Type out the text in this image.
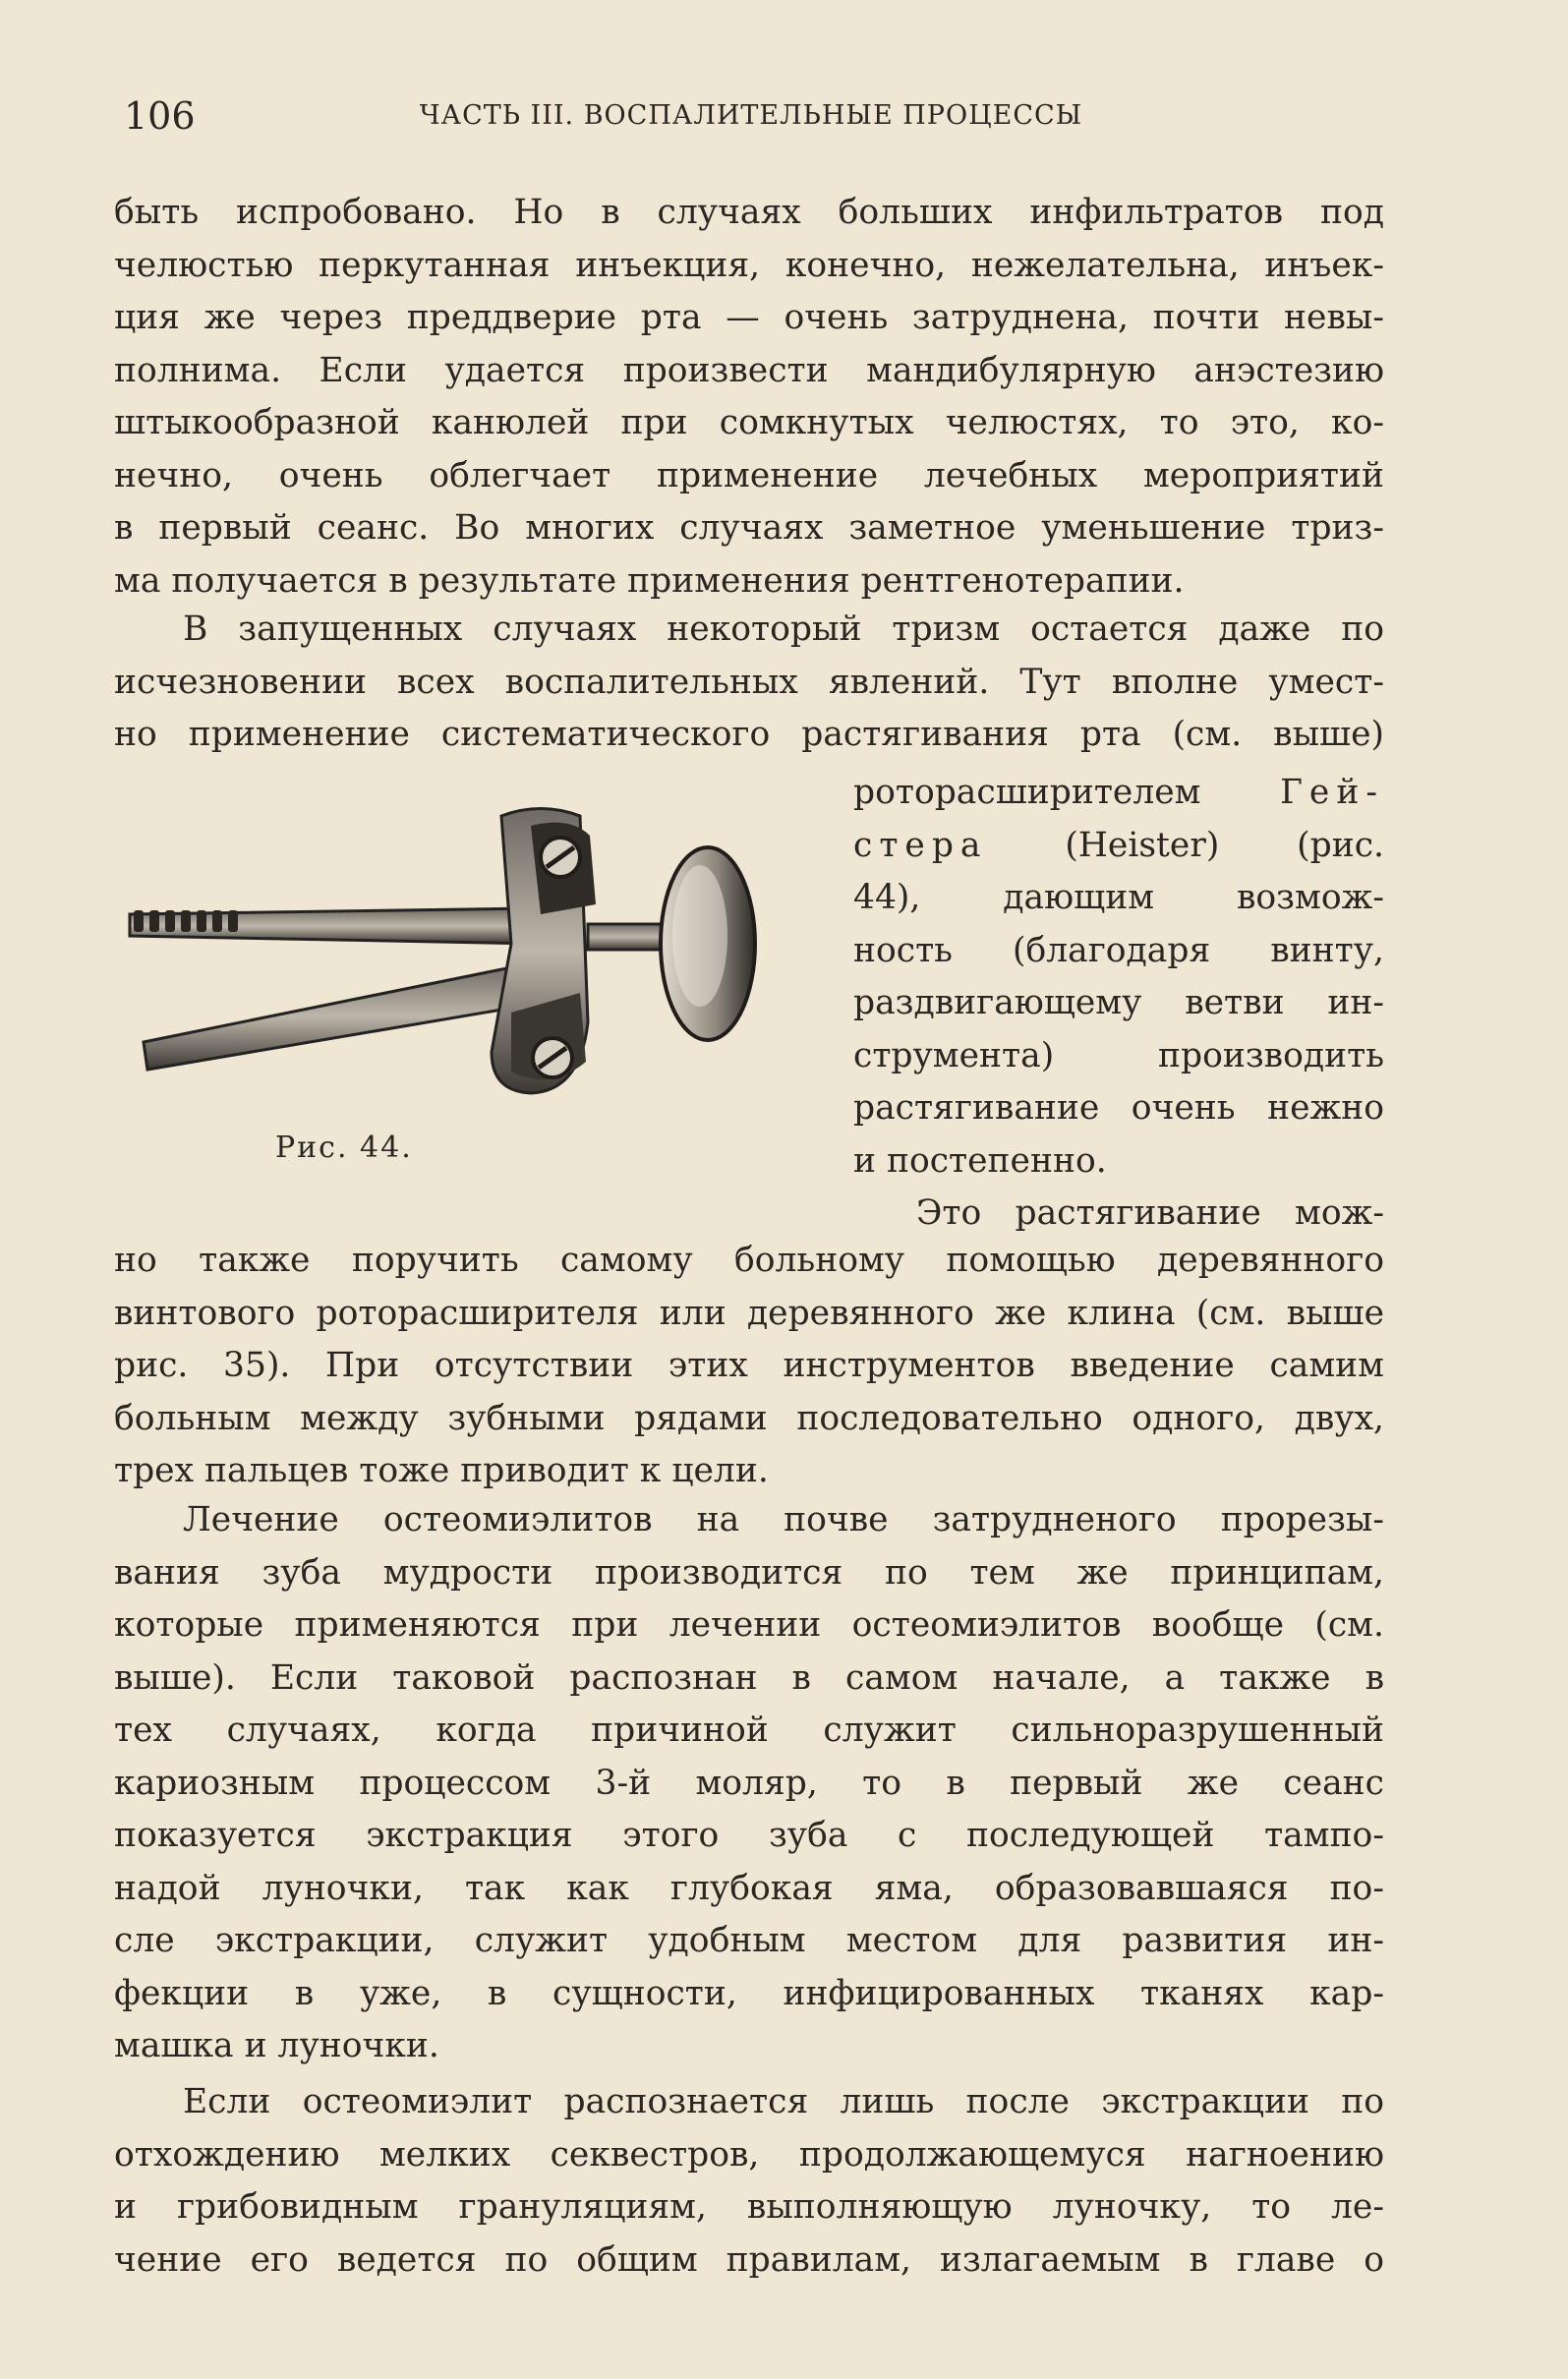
106	ЧАСТЬ III. ВОСПАЛИТЕЛЬНЫЕ ПРОЦЕССЫ
быть испробовано. Но в случаях больших инфильтратов под
челюстью перкутанная инъекция, конечно, нежелательна, инъек-
ция же через преддверие рта — очень затруднена, почти невы-
полнима. Если удается произвести мандибулярную анэстезию
штыкообразной канюлей при сомкнутых челюстях, то это, ко-
нечно, очень облегчает применение лечебных мероприятий
в первый сеанс. Во многих случаях заметное уменьшение триз-
ма получается в результате применения рентгенотерапии.
В запущенных случаях некоторый тризм остается даже по
исчезновении всех воспалительных явлений. Тут вполне умест-
но применение систематического растягивания рта (см. выше)
Рис. 44.
роторасширителем Гей-
стера (Heister) (рис.
44), дающим возмож-
ность (благодаря винту,
раздвигающему ветви ин-
струмента) производить
растягивание очень нежно
и постепенно.
Это растягивание мож-
но также поручить самому больному помощью деревянного
винтового роторасширителя или деревянного же клина (см. выше
рис. 35). При отсутствии этих инструментов введение самим
больным между зубными рядами последовательно одного, двух,
трех пальцев тоже приводит к цели.
Лечение остеомиэлитов на почве затрудненого прорезы-
вания зуба мудрости производится по тем же принципам,
которые применяются при лечении остеомиэлитов вообще (см.
выше). Если таковой распознан в самом начале, а также в
тех случаях, когда причиной служит сильноразрушенный
кариозным процессом 3-й моляр, то в первый же сеанс
показуется экстракция этого зуба с последующей тампо-
надой луночки, так как глубокая яма, образовавшаяся по-
сле экстракции, служит удобным местом для развития ин-
фекции в уже, в сущности, инфицированных тканях кар-
машка и луночки.
Если остеомиэлит распознается лишь после экстракции по
отхождению мелких секвестров, продолжающемуся нагноению
и грибовидным грануляциям, выполняющую луночку, то ле-
чение его ведется по общим правилам, излагаемым в главе о
